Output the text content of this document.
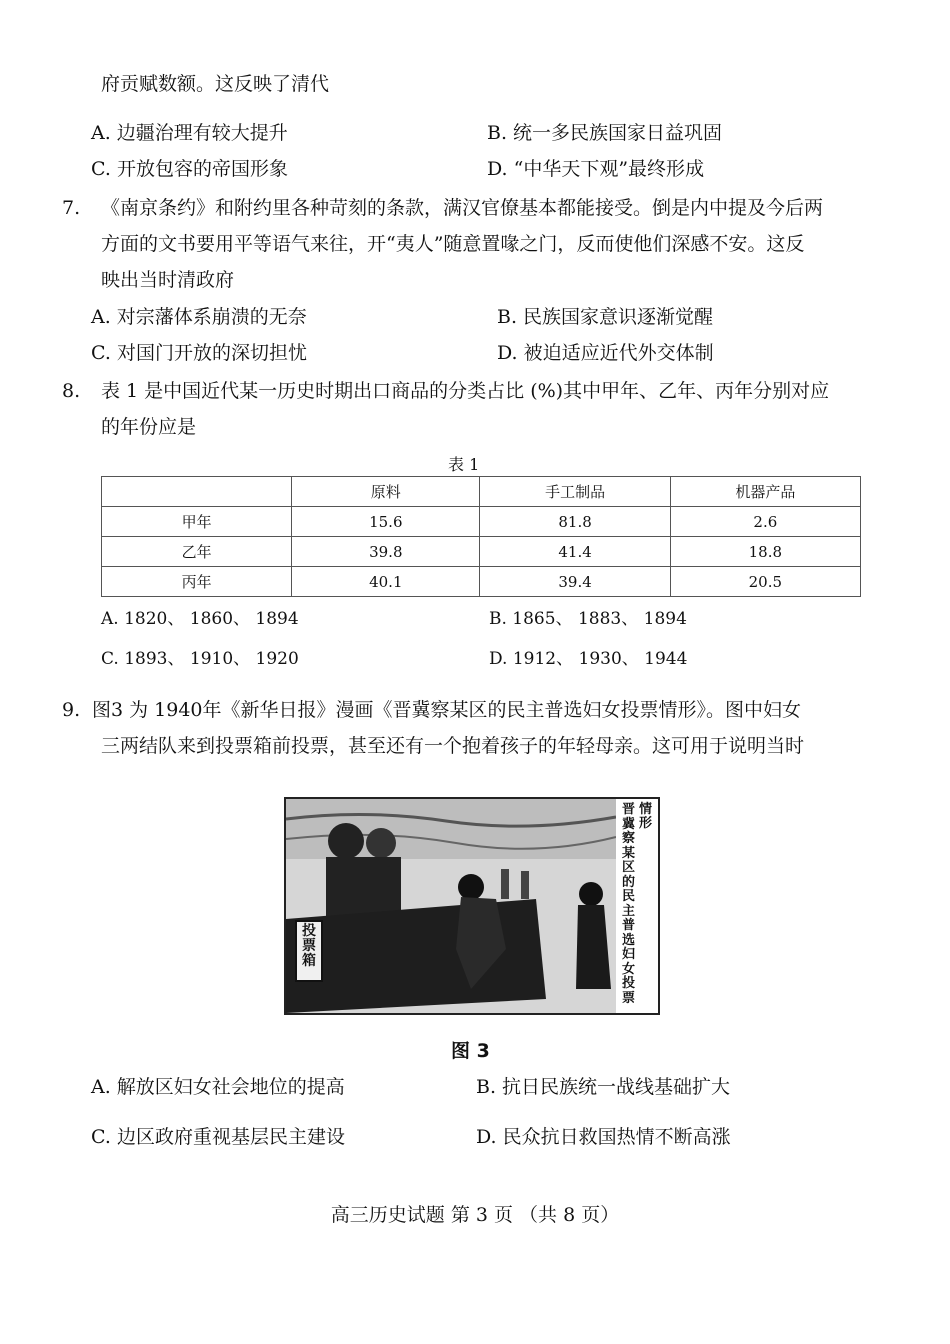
府贡赋数额。这反映了清代
A. 边疆治理有较大提升	B. 统一多民族国家日益巩固
C. 开放包容的帝国形象	D. “中华天下观”最终形成
7. 《南京条约》和附约里各种苛刻的条款，满汉官僚基本都能接受。倒是内中提及今后两
方面的文书要用平等语气来往，开“夷人”随意置喙之门，反而使他们深感不安。这反
映出当时清政府
A. 对宗藩体系崩溃的无奈	B. 民族国家意识逐渐觉醒
C. 对国门开放的深切担忧	D. 被迫适应近代外交体制
8. 表 1 是中国近代某一历史时期出口商品的分类占比 (%)其中甲年、乙年、丙年分别对应
的年份应是
表 1
	原料	手工制品	机器产品
甲年	15.6	81.8	2.6
乙年	39.8	41.4	18.8
丙年	40.1	39.4	20.5
A. 1820、 1860、 1894	B. 1865、 1883、 1894
C. 1893、 1910、 1920	D. 1912、 1930、 1944
9. 图3 为 1940年《新华日报》漫画《晋冀察某区的民主普选妇女投票情形》。图中妇女
三两结队来到投票箱前投票，甚至还有一个抱着孩子的年轻母亲。这可用于说明当时
投票箱
情形
晋冀察某区的民主普选妇女投票
图 3
A. 解放区妇女社会地位的提高	B. 抗日民族统一战线基础扩大
C. 边区政府重视基层民主建设	D. 民众抗日救国热情不断高涨
高三历史试题 第 3 页 （共 8 页）
